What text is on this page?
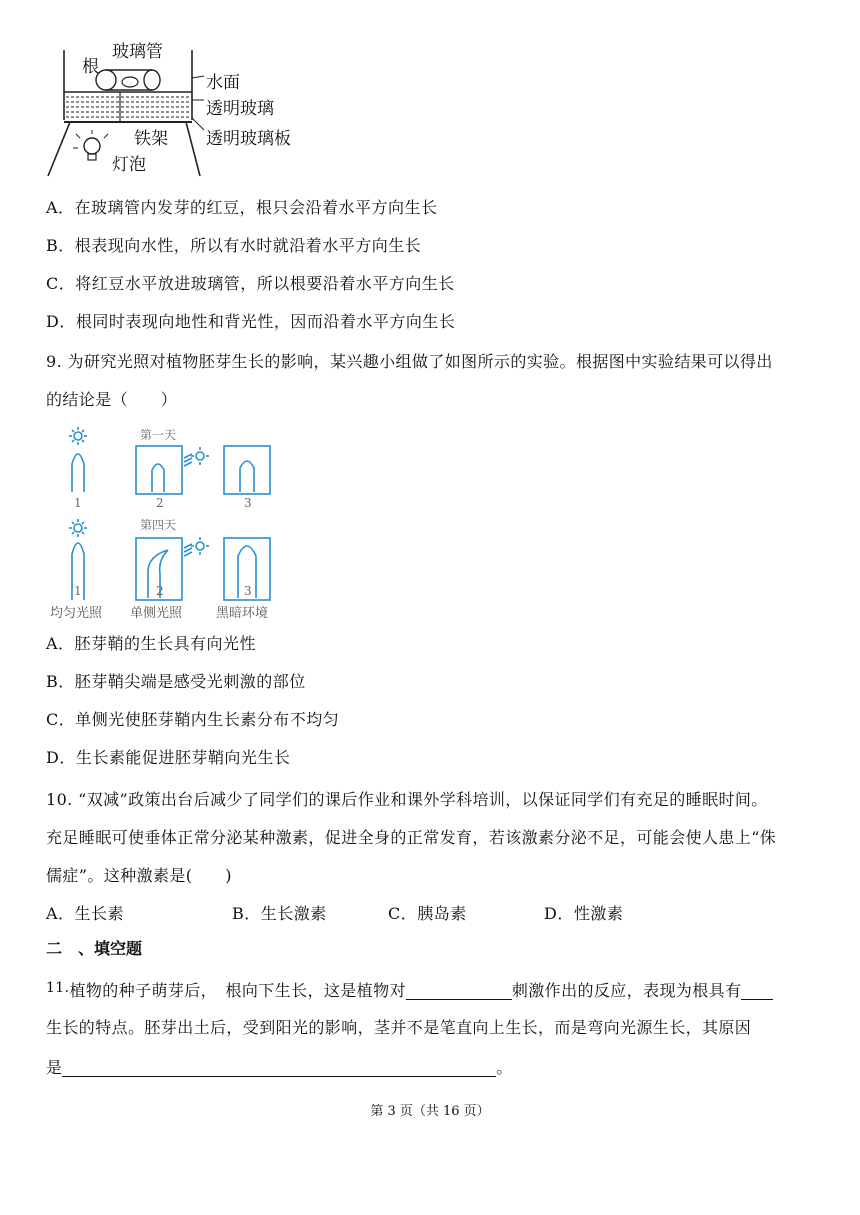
根
玻璃管
水面
透明玻璃
铁架 透明玻璃板
灯泡
A．在玻璃管内发芽的红豆，根只会沿着水平方向生长
B．根表现向水性，所以有水时就沿着水平方向生长
C．将红豆水平放进玻璃管，所以根要沿着水平方向生长
D．根同时表现向地性和背光性，因而沿着水平方向生长
9. 为研究光照对植物胚芽生长的影响，某兴趣小组做了如图所示的实验。根据图中实验结果可以得出
的结论是（　　）
第一天
1	2	3
第四天
1	2	3
均匀光照 单侧光照	黑暗环境
A．胚芽鞘的生长具有向光性
B．胚芽鞘尖端是感受光刺激的部位
C．单侧光使胚芽鞘内生长素分布不均匀
D．生长素能促进胚芽鞘向光生长
10. “双减”政策出台后减少了同学们的课后作业和课外学科培训，以保证同学们有充足的睡眠时间。
充足睡眠可使垂体正常分泌某种激素，促进全身的正常发育，若该激素分泌不足，可能会使人患上“侏
儒症”。这种激素是(　　)
A．生长素	B．生长激素	C．胰岛素	D．性激素
二　、填空题
11.植物的种子萌芽后，　根向下生长，这是植物对	刺激作出的反应，表现为根具有
生长的特点。胚芽出土后，受到阳光的影响，茎并不是笔直向上生长，而是弯向光源生长，其原因
是	。
第 3 页（共 16 页）
